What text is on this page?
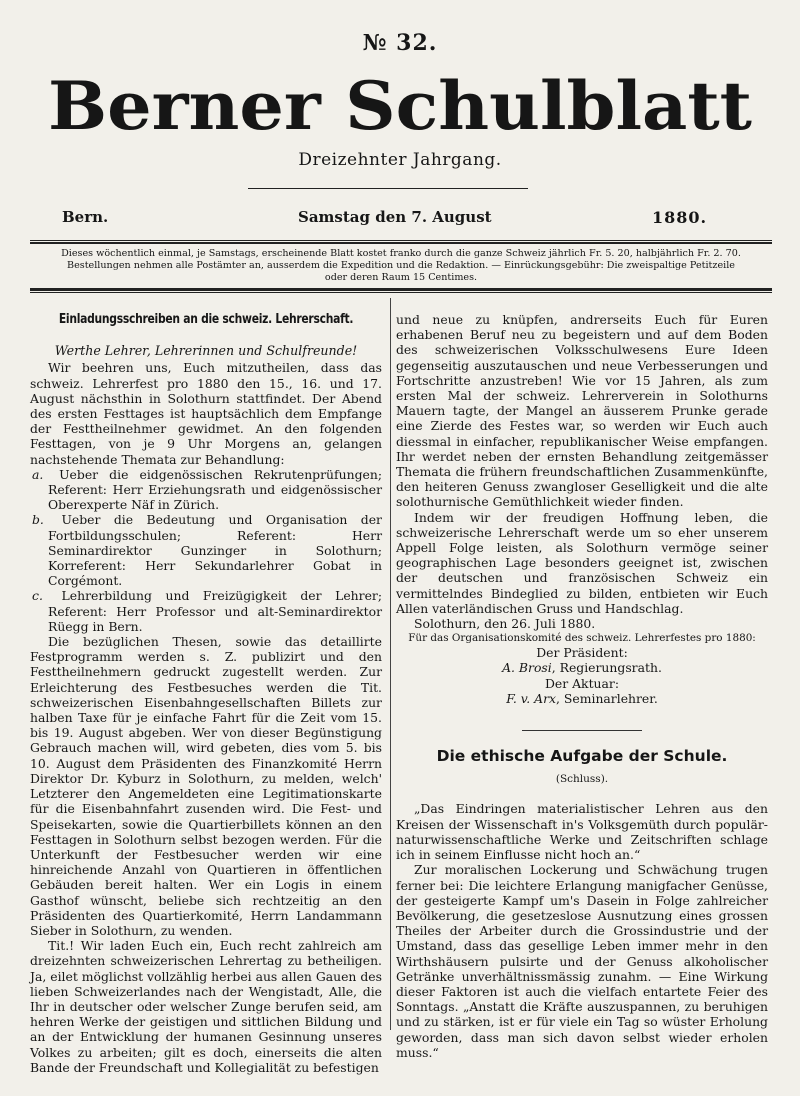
№ 32.
Berner Schulblatt
Dreizehnter Jahrgang.
Bern.	Samstag den 7. August	1880.
Dieses wöchentlich einmal, je Samstags, erscheinende Blatt kostet franko durch die ganze Schweiz jährlich Fr. 5. 20, halbjährlich Fr. 2. 70.
Bestellungen nehmen alle Postämter an, ausserdem die Expedition und die Redaktion. — Einrückungsgebühr: Die zweispaltige Petitzeile
oder deren Raum 15 Centimes.
Einladungsschreiben an die schweiz. Lehrerschaft.
Werthe Lehrer, Lehrerinnen und Schulfreunde!

Wir beehren uns, Euch mitzutheilen, dass das schweiz. Lehrerfest pro 1880 den 15., 16. und 17. August nächsthin in Solothurn stattfindet. Der Abend des ersten Festtages ist hauptsächlich dem Empfange der Festtheilnehmer gewidmet. An den folgenden Festtagen, von je 9 Uhr Morgens an, gelangen nachstehende Themata zur Behandlung:

a. Ueber die eidgenössischen Rekrutenprüfungen; Referent: Herr Erziehungsrath und eidgenössischer Oberexperte Näf in Zürich.

b. Ueber die Bedeutung und Organisation der Fortbildungsschulen; Referent: Herr Seminardirektor Gunzinger in Solothurn; Korreferent: Herr Sekundarlehrer Gobat in Corgémont.

c. Lehrerbildung und Freizügigkeit der Lehrer; Referent: Herr Professor und alt-Seminardirektor Rüegg in Bern.

Die bezüglichen Thesen, sowie das detaillirte Festprogramm werden s. Z. publizirt und den Festtheilnehmern gedruckt zugestellt werden. Zur Erleichterung des Festbesuches werden die Tit. schweizerischen Eisenbahngesellschaften Billets zur halben Taxe für je einfache Fahrt für die Zeit vom 15. bis 19. August abgeben. Wer von dieser Begünstigung Gebrauch machen will, wird gebeten, dies vom 5. bis 10. August dem Präsidenten des Finanzkomité Herrn Direktor Dr. Kyburz in Solothurn, zu melden, welch' Letzterer den Angemeldeten eine Legitimationskarte für die Eisenbahnfahrt zusenden wird. Die Fest- und Speisekarten, sowie die Quartierbillets können an den Festtagen in Solothurn selbst bezogen werden. Für die Unterkunft der Festbesucher werden wir eine hinreichende Anzahl von Quartieren in öffentlichen Gebäuden bereit halten. Wer ein Logis in einem Gasthof wünscht, beliebe sich rechtzeitig an den Präsidenten des Quartierkomité, Herrn Landammann Sieber in Solothurn, zu wenden.

Tit.! Wir laden Euch ein, Euch recht zahlreich am dreizehnten schweizerischen Lehrertag zu betheiligen. Ja, eilet möglichst vollzählig herbei aus allen Gauen des lieben Schweizerlandes nach der Wengistadt, Alle, die Ihr in deutscher oder welscher Zunge berufen seid, am hehren Werke der geistigen und sittlichen Bildung und an der Entwicklung der humanen Gesinnung unseres Volkes zu arbeiten; gilt es doch, einerseits die alten Bande der Freundschaft und Kollegialität zu befestigen

und neue zu knüpfen, andrerseits Euch für Euren erhabenen Beruf neu zu begeistern und auf dem Boden des schweizerischen Volksschulwesens Eure Ideen gegenseitig auszutauschen und neue Verbesserungen und Fortschritte anzustreben! Wie vor 15 Jahren, als zum ersten Mal der schweiz. Lehrerverein in Solothurns Mauern tagte, der Mangel an äusserem Prunke gerade eine Zierde des Festes war, so werden wir Euch auch diessmal in einfacher, republikanischer Weise empfangen. Ihr werdet neben der ernsten Behandlung zeitgemässer Themata die frühern freundschaftlichen Zusammenkünfte, den heiteren Genuss zwangloser Geselligkeit und die alte solothurnische Gemüthlichkeit wieder finden.

Indem wir der freudigen Hoffnung leben, die schweizerische Lehrerschaft werde um so eher unserem Appell Folge leisten, als Solothurn vermöge seiner geographischen Lage besonders geeignet ist, zwischen der deutschen und französischen Schweiz ein vermittelndes Bindeglied zu bilden, entbieten wir Euch Allen vaterländischen Gruss und Handschlag.

Solothurn, den 26. Juli 1880.
Für das Organisationskomité des schweiz. Lehrerfestes pro 1880:
Der Präsident:
A. Brosi, Regierungsrath.
Der Aktuar:
F. v. Arx, Seminarlehrer.
Die ethische Aufgabe der Schule.
(Schluss).

„Das Eindringen materialistischer Lehren aus den Kreisen der Wissenschaft in's Volksgemüth durch populär-naturwissenschaftliche Werke und Zeitschriften schlage ich in seinem Einflusse nicht hoch an.“

Zur moralischen Lockerung und Schwächung trugen ferner bei: Die leichtere Erlangung manigfacher Genüsse, der gesteigerte Kampf um's Dasein in Folge zahlreicher Bevölkerung, die gesetzeslose Ausnutzung eines grossen Theiles der Arbeiter durch die Grossindustrie und der Umstand, dass das gesellige Leben immer mehr in den Wirthshäusern pulsirte und der Genuss alkoholischer Getränke unverhältnissmässig zunahm. — Eine Wirkung dieser Faktoren ist auch die vielfach entartete Feier des Sonntags. „Anstatt die Kräfte auszuspannen, zu beruhigen und zu stärken, ist er für viele ein Tag so wüster Erholung geworden, dass man sich davon selbst wieder erholen muss.“
